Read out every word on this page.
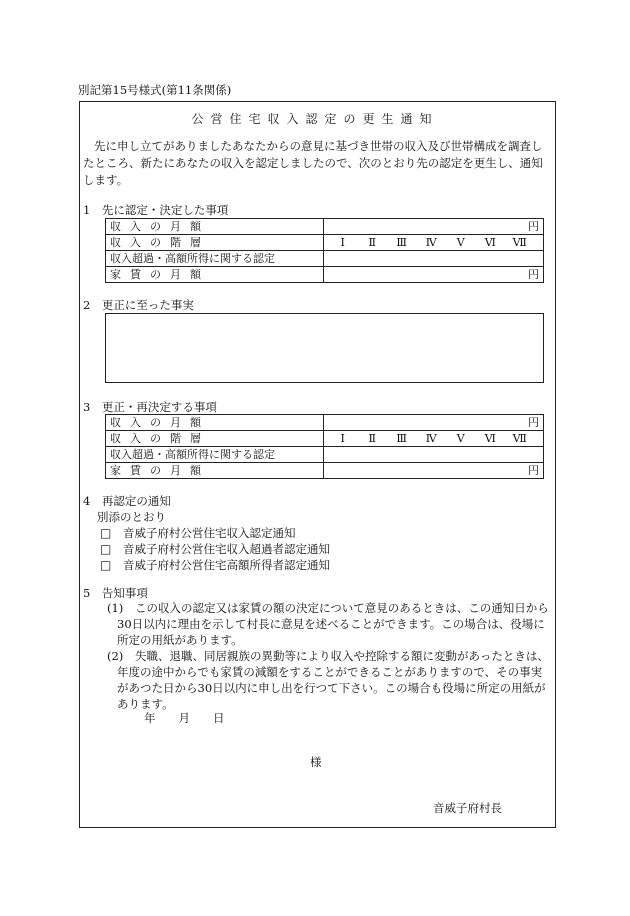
別記第15号様式(第11条関係)
公営住宅収入認定の更生通知
先に申し立てがありましたあなたからの意見に基づき世帯の収入及び世帯構成を調査したところ、新たにあなたの収入を認定しましたので、次のとおり先の認定を更生し、通知します。
1　先に認定・決定した事項
収入の月額	円
収入の階層	Ⅰ Ⅱ Ⅲ Ⅳ Ⅴ Ⅵ Ⅶ
収入超過・高額所得に関する認定	
家賃の月額	円
2　更正に至った事実
3　更正・再決定する事項
収入の月額	円
収入の階層	Ⅰ Ⅱ Ⅲ Ⅳ Ⅴ Ⅵ Ⅶ
収入超過・高額所得に関する認定	
家賃の月額	円
4　再認定の通知
別添のとおり
□ 音威子府村公営住宅収入認定通知
□ 音威子府村公営住宅収入超過者認定通知
□ 音威子府村公営住宅高額所得者認定通知
5　告知事項
(1) この収入の認定又は家賃の額の決定について意見のあるときは、この通知日から30日以内に理由を示して村長に意見を述べることができます。この場合は、役場に所定の用紙があります。
(2) 失職、退職、同居親族の異動等により収入や控除する額に変動があったときは、年度の途中からでも家賃の減額をすることができることがありますので、その事実があつた日から30日以内に申し出を行つて下さい。この場合も役場に所定の用紙があります。
年　　月　　日
様
音威子府村長
